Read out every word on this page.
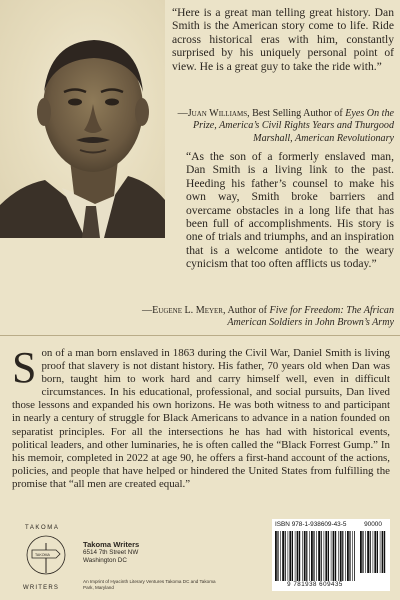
“Here is a great man telling great history. Dan Smith is the American story come to life. Ride across historical eras with him, constantly surprised by his uniquely personal point of view. He is a great guy to take the ride with.”
—Juan Williams, Best Selling Author of Eyes On the Prize, America’s Civil Rights Years and Thurgood Marshall, American Revolutionary
“As the son of a formerly enslaved man, Dan Smith is a living link to the past. Heeding his father’s counsel to make his own way, Smith broke barriers and overcame obstacles in a long life that has been full of accomplishments. His story is one of trials and triumphs, and an inspiration that is a welcome antidote to the weary cynicism that too often afflicts us today.”
—Eugene L. Meyer, Author of Five for Freedom: The African American Soldiers in John Brown’s Army
Son of a man born enslaved in 1863 during the Civil War, Daniel Smith is living proof that slavery is not distant history. His father, 70 years old when Dan was born, taught him to work hard and carry himself well, even in difficult circumstances. In his educational, professional, and social pursuits, Dan lived those lessons and expanded his own horizons. He was both witness to and participant in nearly a century of struggle for Black Americans to advance in a nation founded on separatist principles. For all the intersections he has had with historical events, political leaders, and other luminaries, he is often called the “Black Forrest Gump.” In his memoir, completed in 2022 at age 90, he offers a first-hand account of the actions, policies, and people that have helped or hindered the United States from fulfilling the promise that “all men are created equal.”
TAKOMA
TAKOMA
WRITERS
Takoma Writers
6514 7th Street NW
Washington DC
An Imprint of Hyacinth Literary Ventures Takoma DC and Takoma Park, Maryland
ISBN 978-1-938609-43-5	90000
9 781938 609435
